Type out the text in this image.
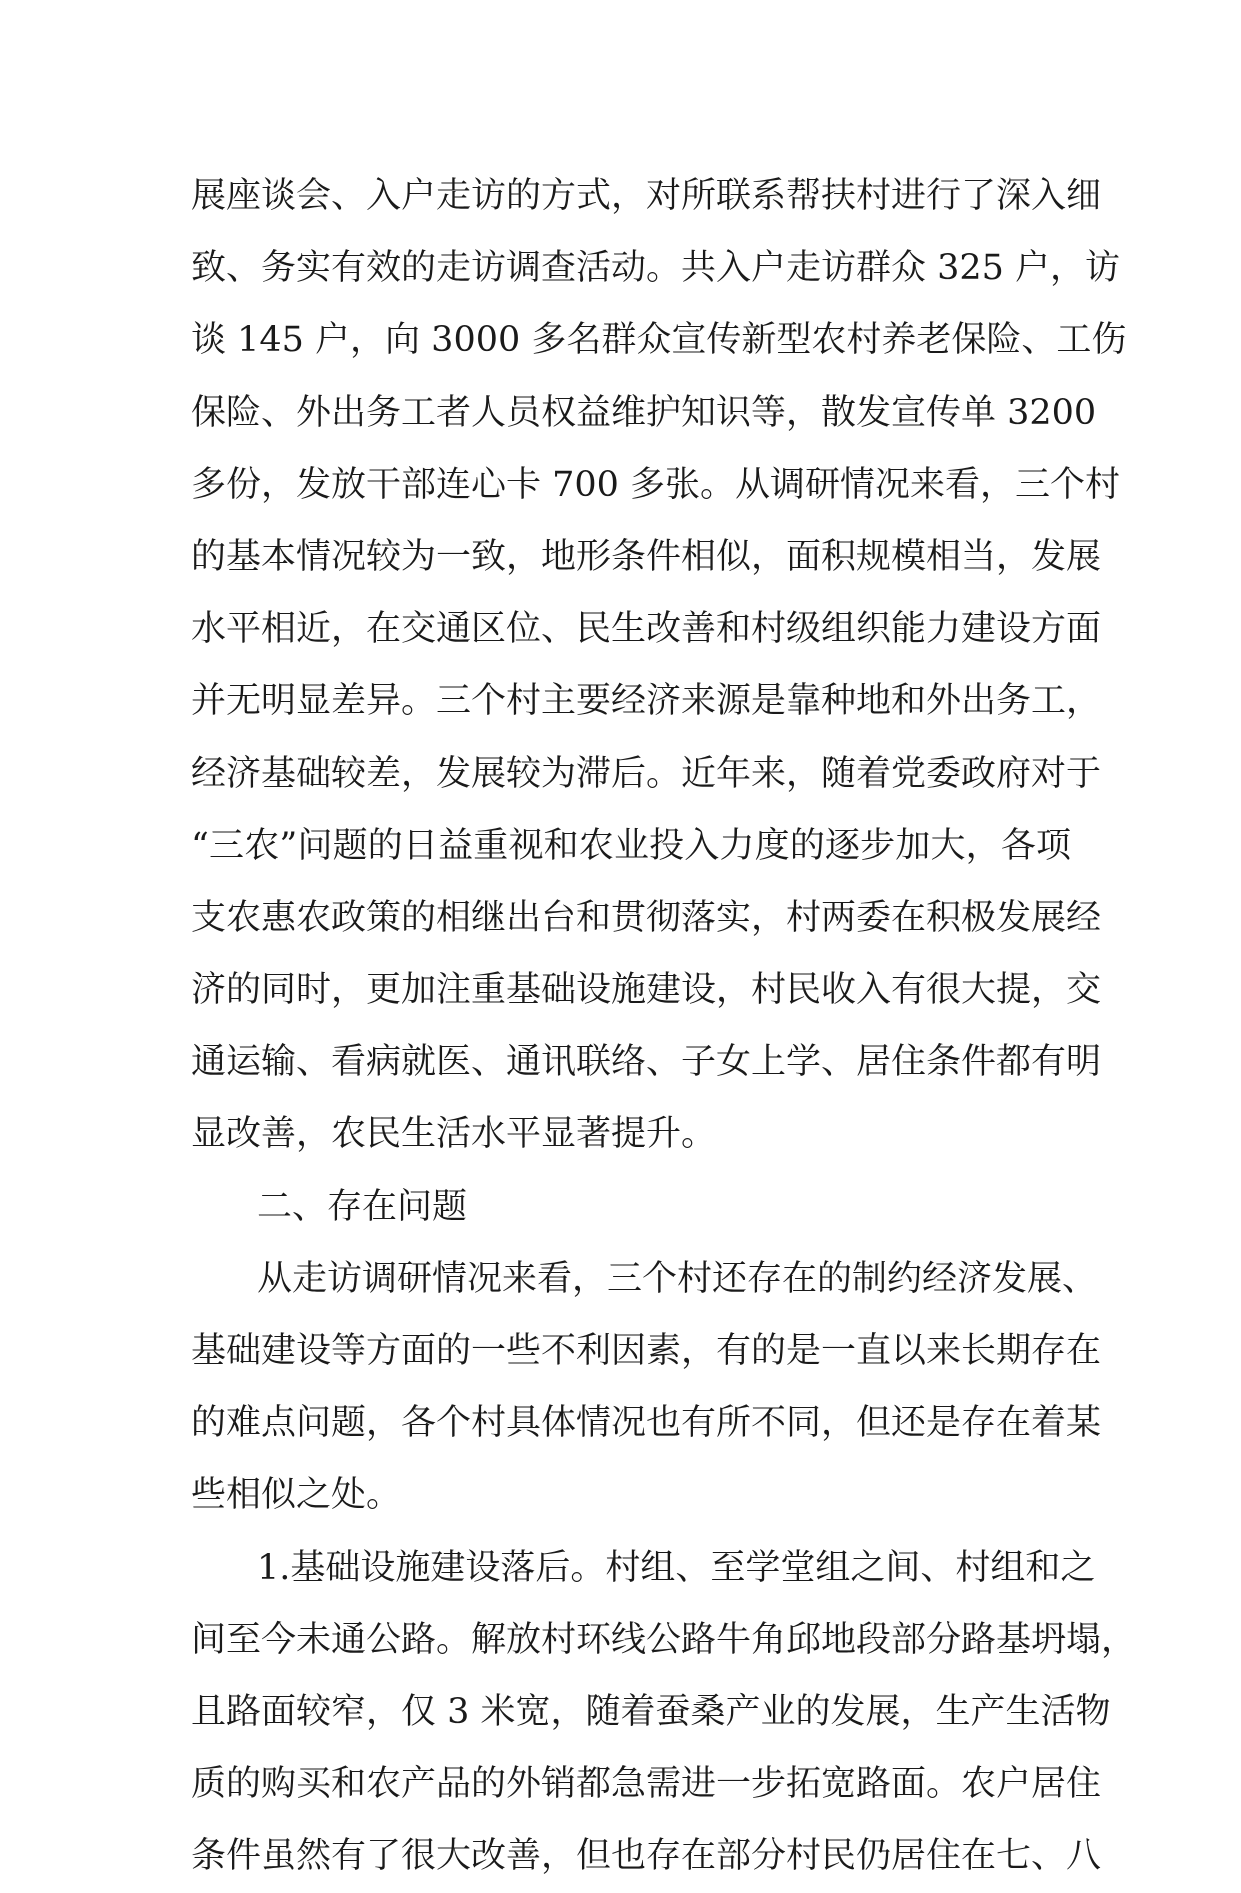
展座谈会、入户走访的方式，对所联系帮扶村进行了深入细
致、务实有效的走访调查活动。共入户走访群众 325 户，访
谈 145 户，向 3000 多名群众宣传新型农村养老保险、工伤
保险、外出务工者人员权益维护知识等，散发宣传单 3200
多份，发放干部连心卡 700 多张。从调研情况来看，三个村
的基本情况较为一致，地形条件相似，面积规模相当，发展
水平相近，在交通区位、民生改善和村级组织能力建设方面
并无明显差异。三个村主要经济来源是靠种地和外出务工，
经济基础较差，发展较为滞后。近年来，随着党委政府对于
“三农”问题的日益重视和农业投入力度的逐步加大，各项
支农惠农政策的相继出台和贯彻落实，村两委在积极发展经
济的同时，更加注重基础设施建设，村民收入有很大提，交
通运输、看病就医、通讯联络、子女上学、居住条件都有明
显改善，农民生活水平显著提升。
二、存在问题
从走访调研情况来看，三个村还存在的制约经济发展、
基础建设等方面的一些不利因素，有的是一直以来长期存在
的难点问题，各个村具体情况也有所不同，但还是存在着某
些相似之处。
1.基础设施建设落后。村组、至学堂组之间、村组和之
间至今未通公路。解放村环线公路牛角邱地段部分路基坍塌，
且路面较窄，仅 3 米宽，随着蚕桑产业的发展，生产生活物
质的购买和农产品的外销都急需进一步拓宽路面。农户居住
条件虽然有了很大改善，但也存在部分村民仍居住在七、八
